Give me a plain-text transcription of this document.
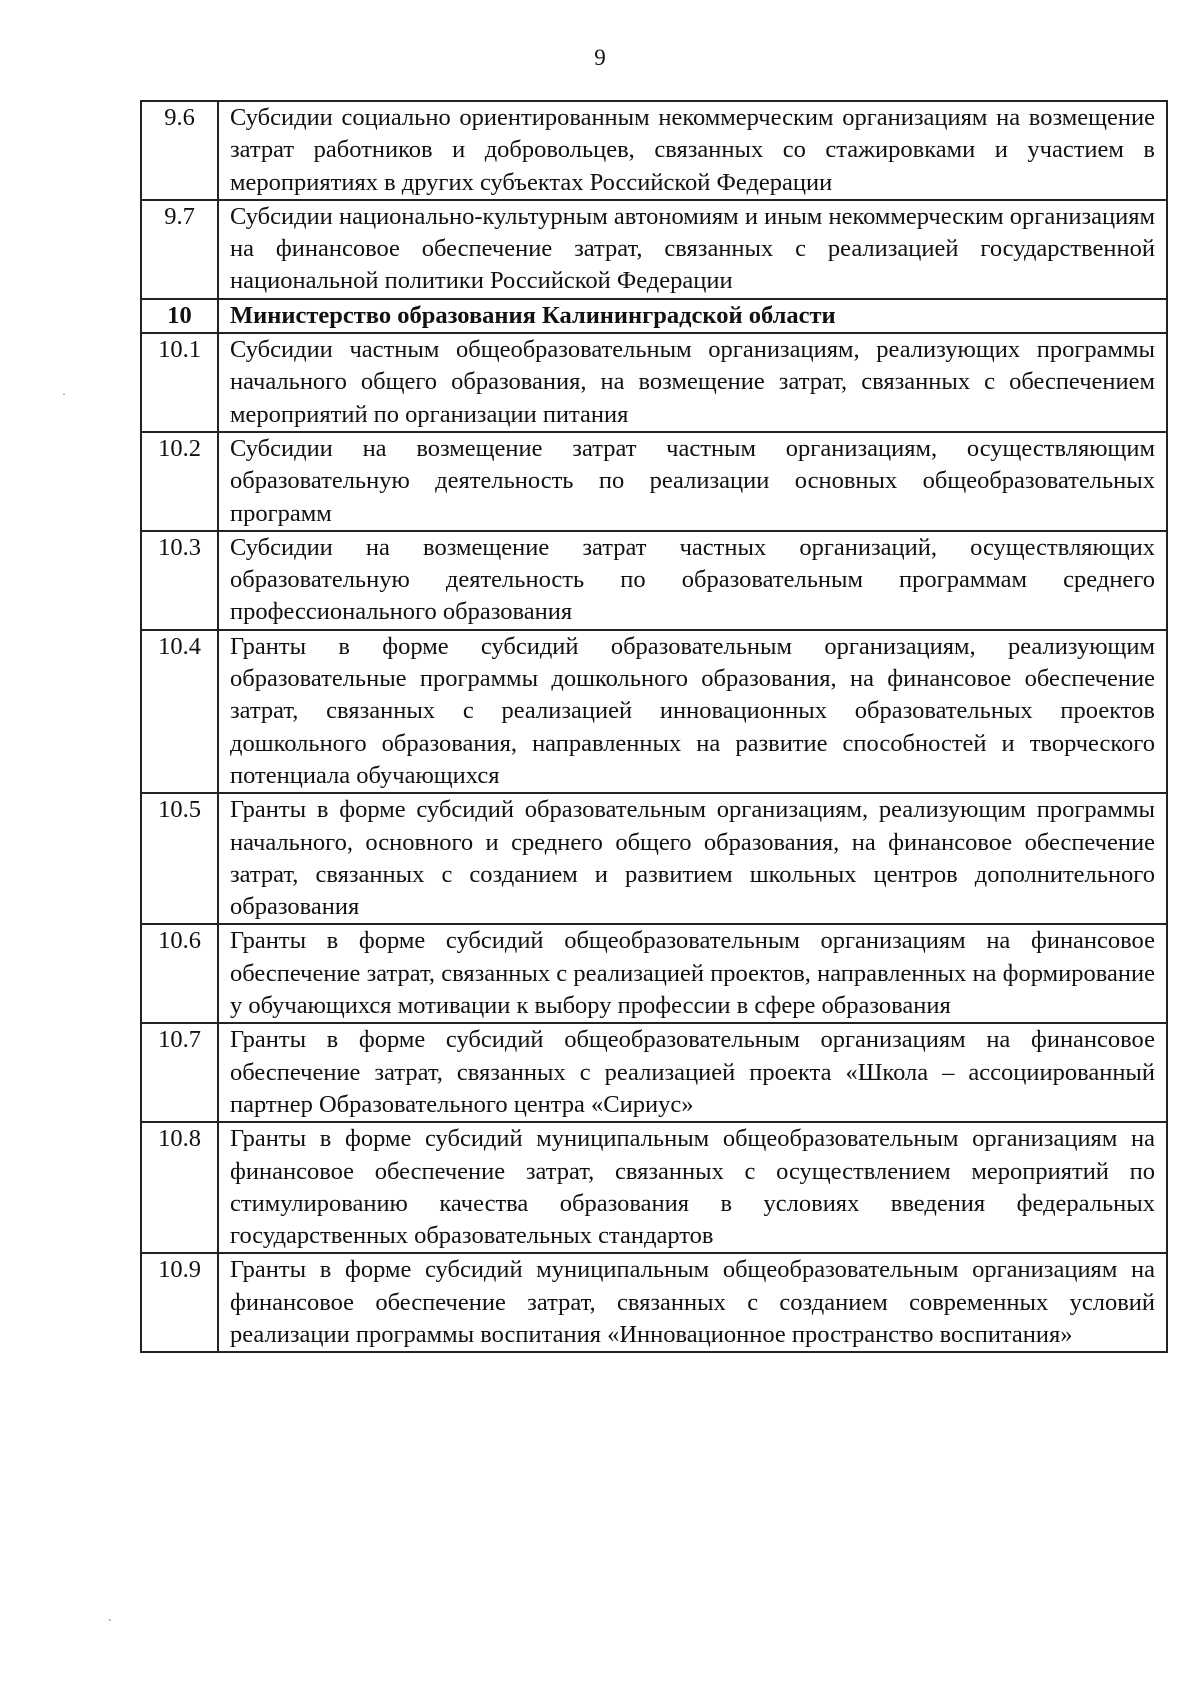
9
9.6	Субсидии социально ориентированным некоммерческим организациям на возмещение затрат работников и добровольцев, связанных со стажировками и участием в мероприятиях в других субъектах Российской Федерации
9.7	Субсидии национально-культурным автономиям и иным некоммерческим организациям на финансовое обеспечение затрат, связанных с реализацией государственной национальной политики Российской Федерации
10	Министерство образования Калининградской области
10.1	Субсидии частным общеобразовательным организациям, реализующих программы начального общего образования, на возмещение затрат, связанных с обеспечением мероприятий по организации питания
10.2	Субсидии на возмещение затрат частным организациям, осуществляющим образовательную деятельность по реализации основных общеобразовательных программ
10.3	Субсидии на возмещение затрат частных организаций, осуществляющих образовательную деятельность по образовательным программам среднего профессионального образования
10.4	Гранты в форме субсидий образовательным организациям, реализующим образовательные программы дошкольного образования, на финансовое обеспечение затрат, связанных с реализацией инновационных образовательных проектов дошкольного образования, направленных на развитие способностей и творческого потенциала обучающихся
10.5	Гранты в форме субсидий образовательным организациям, реализующим программы начального, основного и среднего общего образования, на финансовое обеспечение затрат, связанных с созданием и развитием школьных центров дополнительного образования
10.6	Гранты в форме субсидий общеобразовательным организациям на финансовое обеспечение затрат, связанных с реализацией проектов, направленных на формирование у обучающихся мотивации к выбору профессии в сфере образования
10.7	Гранты в форме субсидий общеобразовательным организациям на финансовое обеспечение затрат, связанных с реализацией проекта «Школа – ассоциированный партнер Образовательного центра «Сириус»
10.8	Гранты в форме субсидий муниципальным общеобразовательным организациям на финансовое обеспечение затрат, связанных с осуществлением мероприятий по стимулированию качества образования в условиях введения федеральных государственных образовательных стандартов
10.9	Гранты в форме субсидий муниципальным общеобразовательным организациям на финансовое обеспечение затрат, связанных с созданием современных условий реализации программы воспитания «Инновационное пространство воспитания»
·
˴
